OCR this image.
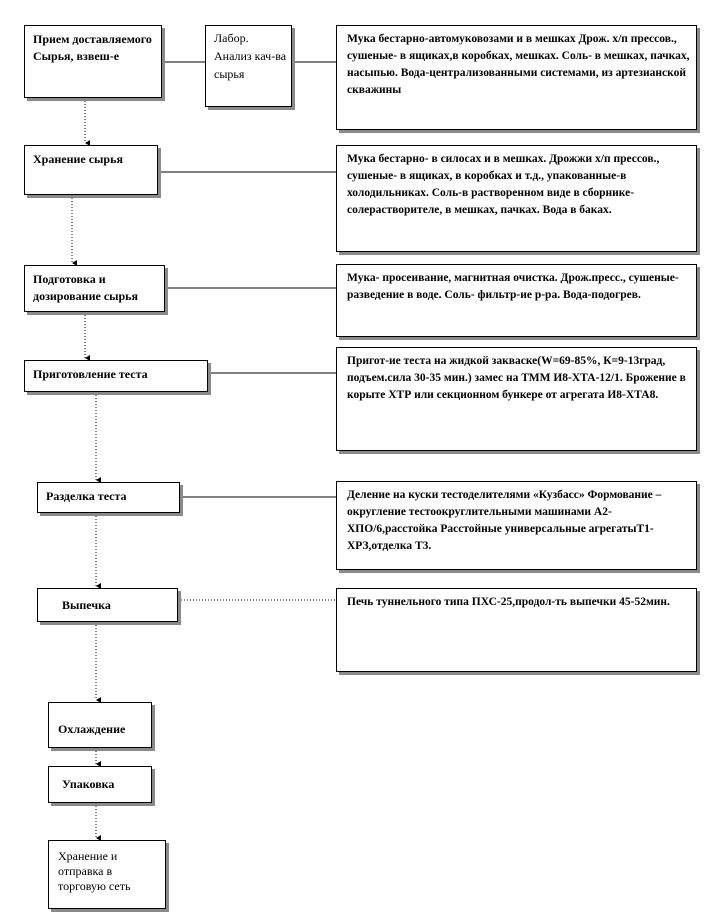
Прием доставляемого Сырья, взвеш-е
Хранение сырья
Подготовка и дозирование сырья
Приготовление теста
Разделка теста
Выпечка
Охлаждение
Упаковка
Хранение и отправка в торговую сеть
Лабор. Анализ кач-ва сырья
Мука бестарно-автомуковозами и в мешках Дрож. х/п прессов., сушеные- в ящиках,в коробках, мешках. Соль- в мешках, пачках, насыпью. Вода-централизованными системами, из артезианской скважины
Мука бестарно- в силосах и в мешках. Дрожжи х/п прессов., сушеные- в ящиках, в коробках и т.д., упакованные-в холодильниках. Соль-в растворенном виде в сборнике-солерастворителе, в мешках, пачках. Вода в баках.
Мука- просеивание, магнитная очистка. Дрож.пресс., сушеные- разведение в воде. Соль- фильтр-ие р-ра. Вода-подогрев.
Пригот-ие теста на жидкой закваске(W=69-85%, К=9-13град, подъем.сила 30-35 мин.) замес на ТММ И8-ХТА-12/1. Брожение в корыте ХТР или секционном бункере от агрегата И8-ХТА8.
Деление на куски тестоделителями «Кузбасс» Формование –округление тестоокруглительными машинами А2-ХПО/6,расстойка Расстойные универсальные агрегатыТ1-ХРЗ,отделка Т3.
Печь туннельного типа ПХС-25,продол-ть выпечки 45-52мин.
